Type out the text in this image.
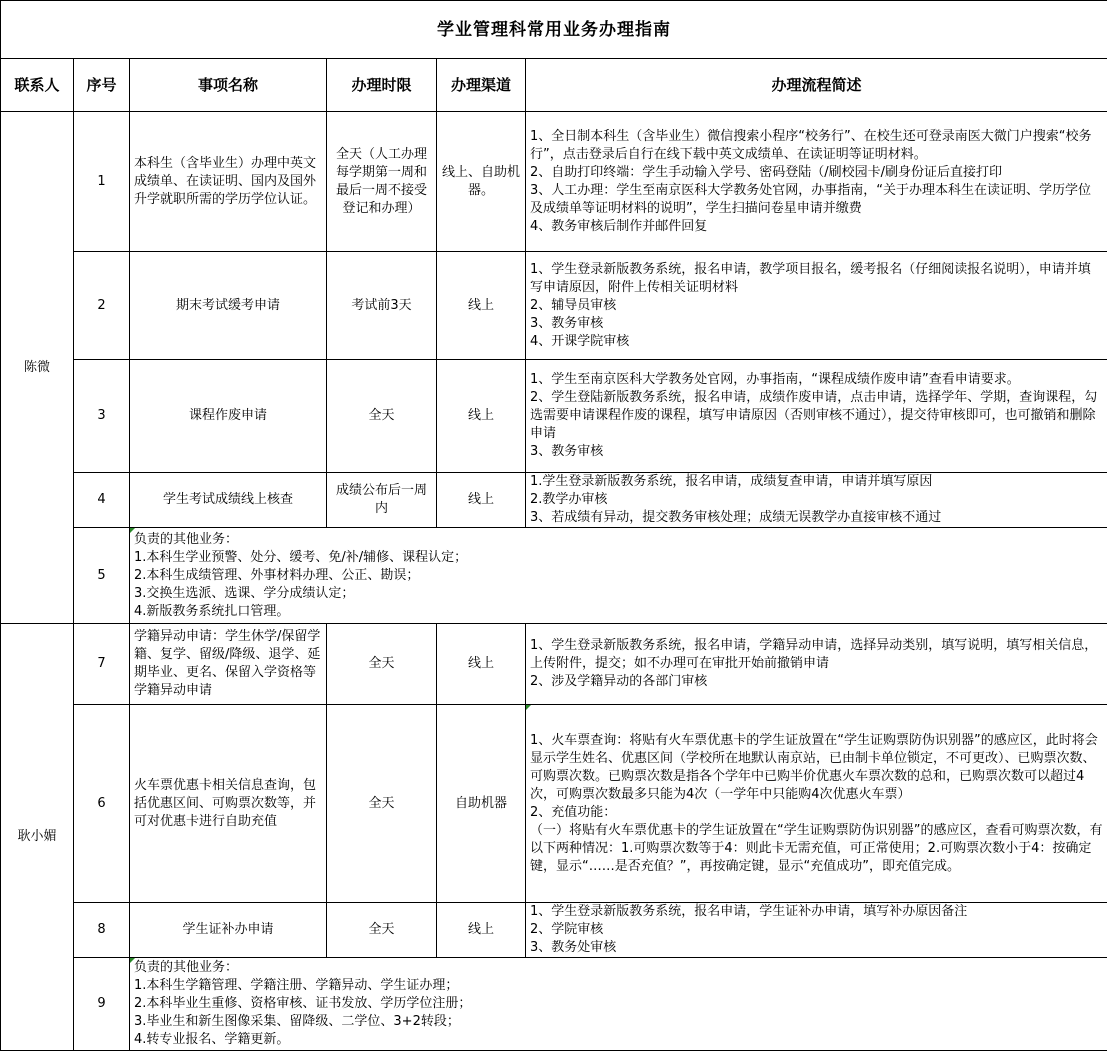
学业管理科常用业务办理指南					
联系人	序号	事项名称	办理时限	办理渠道	办理流程简述
陈微	1	本科生（含毕业生）办理中英文成绩单、在读证明、国内及国外升学就职所需的学历学位认证。	全天（人工办理每学期第一周和最后一周不接受登记和办理）	线上、自助机器。	1、全日制本科生（含毕业生）微信搜索小程序“校务行”、在校生还可登录南医大微门户搜索“校务行”，点击登录后自行在线下载中英文成绩单、在读证明等证明材料。
2、自助打印终端：学生手动输入学号、密码登陆（/刷校园卡/刷身份证后直接打印
3、人工办理：学生至南京医科大学教务处官网，办事指南，“关于办理本科生在读证明、学历学位及成绩单等证明材料的说明”，学生扫描问卷星申请并缴费
4、教务审核后制作并邮件回复
	2	期末考试缓考申请	考试前3天	线上	1、学生登录新版教务系统，报名申请，教学项目报名，缓考报名（仔细阅读报名说明），申请并填写申请原因，附件上传相关证明材料
2、辅导员审核
3、教务审核
4、开课学院审核
	3	课程作废申请	全天	线上	1、学生至南京医科大学教务处官网，办事指南，“课程成绩作废申请”查看申请要求。
2、学生登陆新版教务系统，报名申请，成绩作废申请，点击申请，选择学年、学期，查询课程，勾选需要申请课程作废的课程，填写申请原因（否则审核不通过），提交待审核即可，也可撤销和删除申请
3、教务审核
	4	学生考试成绩线上核查	成绩公布后一周内	线上	1.学生登录新版教务系统，报名申请，成绩复查申请，申请并填写原因
2.教学办审核
3、若成绩有异动，提交教务审核处理；成绩无误教学办直接审核不通过
	5	负责的其他业务：
1.本科生学业预警、处分、缓考、免/补/辅修、课程认定；
2.本科生成绩管理、外事材料办理、公正、勘误；
3.交换生选派、选课、学分成绩认定；
4.新版教务系统扎口管理。			
耿小媚	7	学籍异动申请：学生休学/保留学籍、复学、留级/降级、退学、延期毕业、更名、保留入学资格等学籍异动申请	全天	线上	1、学生登录新版教务系统，报名申请，学籍异动申请，选择异动类别，填写说明，填写相关信息，上传附件，提交；如不办理可在审批开始前撤销申请
2、涉及学籍异动的各部门审核
	6	火车票优惠卡相关信息查询，包括优惠区间、可购票次数等，并可对优惠卡进行自助充值	全天	自助机器	1、火车票查询：将贴有火车票优惠卡的学生证放置在“学生证购票防伪识别器”的感应区，此时将会显示学生姓名、优惠区间（学校所在地默认南京站，已由制卡单位锁定，不可更改）、已购票次数、可购票次数。已购票次数是指各个学年中已购半价优惠火车票次数的总和，已购票次数可以超过4次，可购票次数最多只能为4次（一学年中只能购4次优惠火车票）
2、充值功能：
（一）将贴有火车票优惠卡的学生证放置在“学生证购票防伪识别器”的感应区，查看可购票次数，有以下两种情况：1.可购票次数等于4：则此卡无需充值，可正常使用；2.可购票次数小于4：按确定键，显示“……是否充值？”，再按确定键，显示“充值成功”，即充值完成。
	8	学生证补办申请	全天	线上	1、学生登录新版教务系统，报名申请，学生证补办申请，填写补办原因备注
2、学院审核
3、教务处审核
	9	负责的其他业务：
1.本科生学籍管理、学籍注册、学籍异动、学生证办理；
2.本科毕业生重修、资格审核、证书发放、学历学位注册；
3.毕业生和新生图像采集、留降级、二学位、3+2转段；
4.转专业报名、学籍更新。			
